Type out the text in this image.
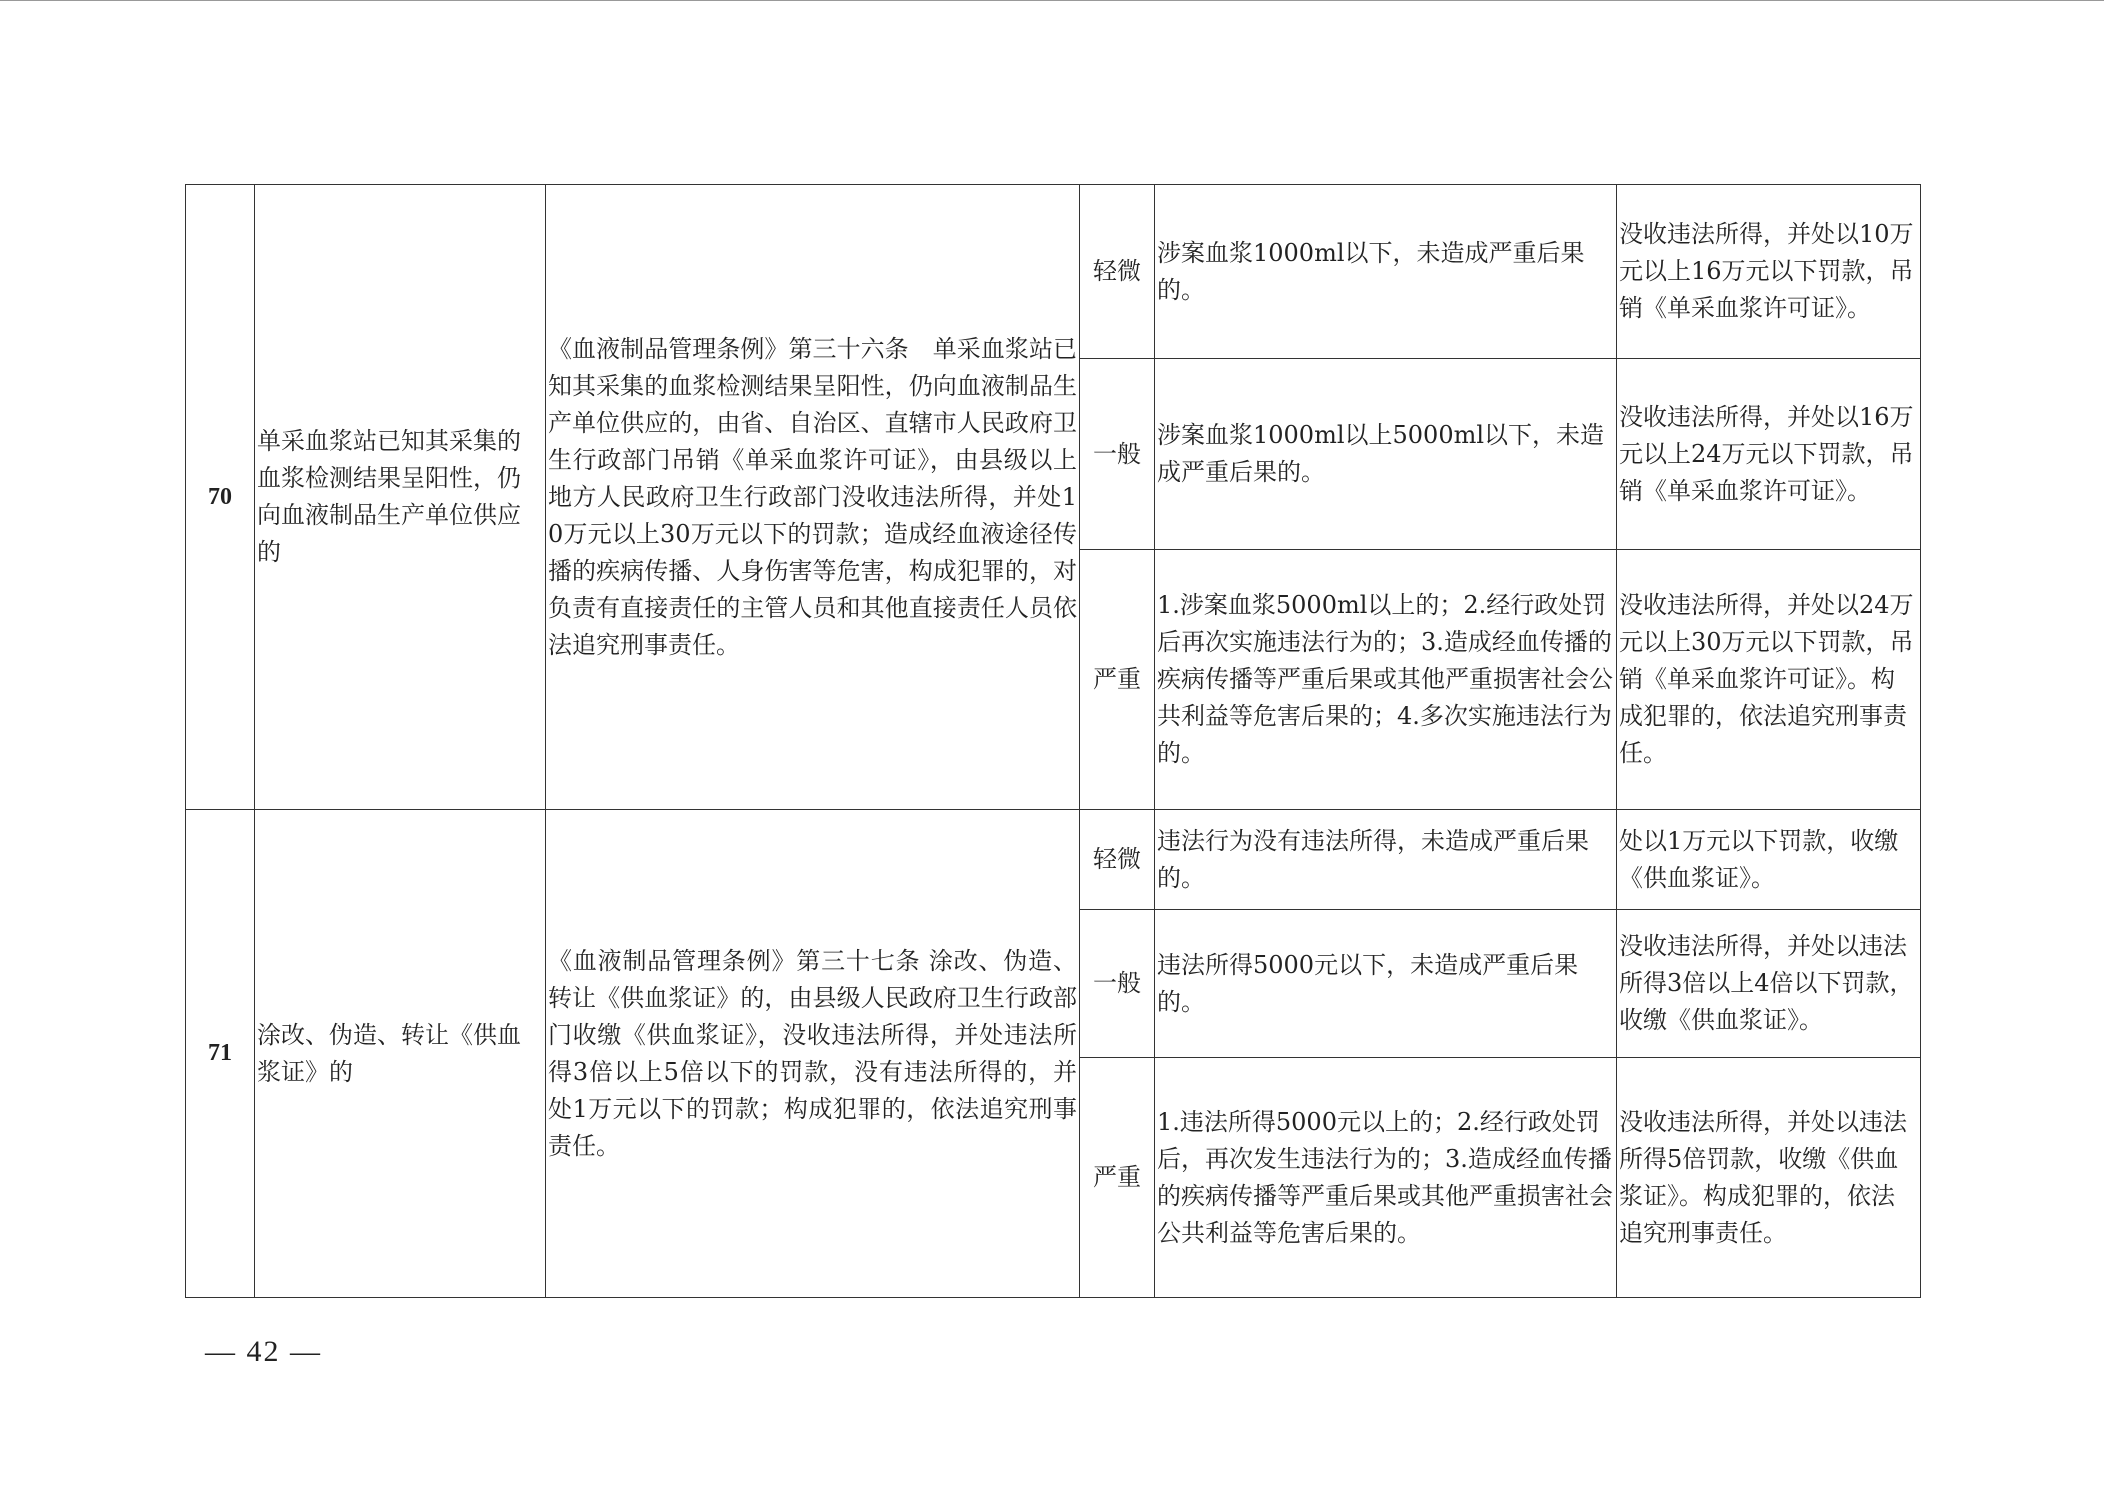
70	单采血浆站已知其采集的血浆检测结果呈阳性，仍向血液制品生产单位供应的	《血液制品管理条例》第三十六条　单采血浆站已知其采集的血浆检测结果呈阳性，仍向血液制品生产单位供应的，由省、自治区、直辖市人民政府卫生行政部门吊销《单采血浆许可证》，由县级以上地方人民政府卫生行政部门没收违法所得，并处10万元以上30万元以下的罚款；造成经血液途径传播的疾病传播、人身伤害等危害，构成犯罪的，对负责有直接责任的主管人员和其他直接责任人员依法追究刑事责任。	轻微	涉案血浆1000ml以下，未造成严重后果的。	没收违法所得，并处以10万元以上16万元以下罚款，吊销《单采血浆许可证》。
			一般	涉案血浆1000ml以上5000ml以下，未造成严重后果的。	没收违法所得，并处以16万元以上24万元以下罚款，吊销《单采血浆许可证》。
			严重	1.涉案血浆5000ml以上的；2.经行政处罚后再次实施违法行为的；3.造成经血传播的疾病传播等严重后果或其他严重损害社会公共利益等危害后果的；4.多次实施违法行为的。	没收违法所得，并处以24万元以上30万元以下罚款，吊销《单采血浆许可证》。构成犯罪的，依法追究刑事责任。
71	涂改、伪造、转让《供血浆证》的	《血液制品管理条例》第三十七条 涂改、伪造、转让《供血浆证》的，由县级人民政府卫生行政部门收缴《供血浆证》，没收违法所得，并处违法所得3倍以上5倍以下的罚款，没有违法所得的，并处1万元以下的罚款；构成犯罪的，依法追究刑事责任。	轻微	违法行为没有违法所得，未造成严重后果的。	处以1万元以下罚款，收缴《供血浆证》。
			一般	违法所得5000元以下，未造成严重后果的。	没收违法所得，并处以违法所得3倍以上4倍以下罚款，收缴《供血浆证》。
			严重	1.违法所得5000元以上的；2.经行政处罚后，再次发生违法行为的；3.造成经血传播的疾病传播等严重后果或其他严重损害社会公共利益等危害后果的。	没收违法所得，并处以违法所得5倍罚款，收缴《供血浆证》。构成犯罪的，依法追究刑事责任。
— 42 —
